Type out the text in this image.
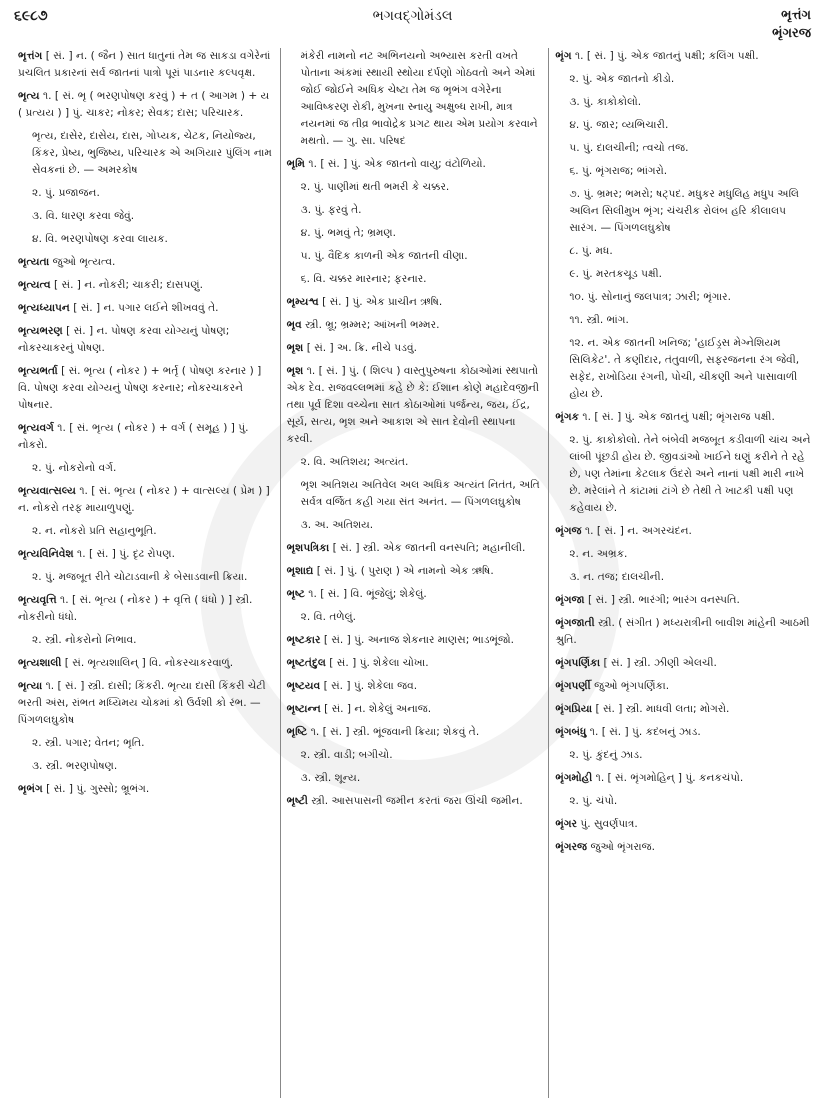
૬૯૮૭	ભગવદ્ગોમંડલ	ભૃત્તંગ
ભૃંગરજ
ભૃત્તંગ [ સં. ] ન. ( જૈન ) સાત ધાતુનાં તેમ જ સાકડા વગેરેનાં પ્રચલિત પ્રકારનાં સર્વ જાતનાં પાત્રો પૂરાં પાડનાર કલ્પવૃક્ષ.
ભૃત્ય ૧. [ સં. ભૃ ( ભરણપોષણ કરવું ) + ત ( આગમ ) + ય ( પ્રત્યય ) ] પું. ચાકર; નોકર; સેવક; દાસ; પરિચારક.
ભૃત્ય, દાસેર, દાસેય, દાસ, ગોપ્યક, ચેટક, નિયોજ્ય, કિંકર, પ્રેષ્ય, ભુજિષ્ય, પરિચારક એ અગિયાર પુંલિંગ નામ સેવકનાં છે. — અમરકોષ
૨. પું. પ્રજાજન.
૩. વિ. ધારણ કરવા જેવું.
૪. વિ. ભરણપોષણ કરવા લાયક.
ભૃત્યતા જુઓ ભૃત્યત્વ.
ભૃત્યત્વ [ સં. ] ન. નોકરી; ચાકરી; દાસપણું.
ભૃત્યધ્યાપન [ સં. ] ન. પગાર લઈને શીખવવું તે.
ભૃત્યભરણ [ સં. ] ન. પોષણ કરવા યોગ્યનું પોષણ; નોકરચાકરનું પોષણ.
ભૃત્યભર્તા [ સં. ભૃત્ય ( નોકર ) + ભર્તૃ ( પોષણ કરનાર ) ] વિ. પોષણ કરવા યોગ્યનું પોષણ કરનાર; નોકરચાકરને પોષનાર.
ભૃત્યવર્ગ ૧. [ સં. ભૃત્ય ( નોકર ) + વર્ગ ( સમૂહ ) ] પું. નોકરો.
૨. પું. નોકરોનો વર્ગ.
ભૃત્યવાત્સલ્ય ૧. [ સં. ભૃત્ય ( નોકર ) + વાત્સલ્ય ( પ્રેમ ) ] ન. નોકરો તરફ માયાળુપણું.
૨. ન. નોકરો પ્રતિ સહાનુભૂતિ.
ભૃત્યવિનિવેશ ૧. [ સં. ] પું. દૃઢ રોપણ.
૨. પું. મજબૂત રીતે ચોટાડવાની કે બેસાડવાની ક્રિયા.
ભૃત્યવૃત્તિ ૧. [ સં. ભૃત્ય ( નોકર ) + વૃત્તિ ( ધંધો ) ] સ્ત્રી. નોકરીનો ધંધો.
૨. સ્ત્રી. નોકરોનો નિભાવ.
ભૃત્યશાલી [ સં. ભૃત્યશાલિન્ ] વિ. નોકરચાકરવાળું.
ભૃત્યા ૧. [ સં. ] સ્ત્રી. દાસી; કિંકરી. ભૃત્યા દાસી કિંકરી ચેટી ભરતી અંસ, રાંભત મધ્યિમય ચોકમાં કો ઉર્વશી કો રંભ. — પિંગળલઘુકોષ
૨. સ્ત્રી. પગાર; વેતન; ભૃતિ.
૩. સ્ત્રી. ભરણપોષણ.
ભૃભંગ [ સં. ] પું. ગુસ્સો; ભ્રૂભંગ.
મંકેરી નામનો નટ અભિનયનો અભ્યાસ કરતી વખતે પોતાના અંકમાં સ્થાયી સ્થોયા દર્પણો ગોઠવતો અને એમાં જોઈ જોઈને અધિક ચેષ્ટા તેમ જ ભૃભંગ વગેરેના આવિષ્કરણ રોકી, મુખના સ્નાયુ અક્ષુબ્ધ રાખી, માત્ર નયનમાં જ તીવ્ર ભાવોદ્રેક પ્રગટ થાય એમ પ્રયોગ કરવાને મથતો. — ગુ. સા. પરિષદ
ભૃમિ ૧. [ સં. ] પું. એક જાતનો વાયુ; વંટોળિયો.
૨. પું. પાણીમાં થતી ભમરી કે ચક્કર.
૩. પું. ફરવું તે.
૪. પું. ભમવું તે; ભ્રમણ.
૫. પું. વૈદિક કાળની એક જાતની વીણા.
૬. વિ. ચક્કર મારનાર; ફરનાર.
ભૃમ્યશ્વ [ સં. ] પું. એક પ્રાચીન ઋષિ.
ભૃવ સ્ત્રી. ભ્રૂ; ભ્રમ્મર; આંખની ભમ્મર.
ભૃશ [ સં. ] અ. ક્રિ. નીચે પડવું.
ભૃશ ૧. [ સં. ] પું. ( શિલ્પ ) વાસ્તુપુરુષના કોઠાઓમાં સ્થપાતો એક દેવ. રાજવલ્લભમાં કહે છે કે: ઈશાન કોણે મહાદેવજીની તથા પૂર્વ દિશા વચ્ચેના સાત કોઠાઓમાં પર્જન્ય, જય, ઈંદ્ર, સૂર્ય, સત્ય, ભૃશ અને આકાશ એ સાત દેવોની સ્થાપના કરવી.
૨. વિ. અતિશય; અત્યંત.
ભૃશ અતિશય અતિવેલ અલ અધિક અત્યંત નિતંત, અતિ સર્વત્ર વર્જિત કહી ગયા સંત અનંત. — પિંગળલઘુકોષ
૩. અ. અતિશય.
ભૃશપત્રિકા [ સં. ] સ્ત્રી. એક જાતની વનસ્પતિ; મહાનીલી.
ભૃશાદ્ય [ સં. ] પું. ( પુરાણ ) એ નામનો એક ઋષિ.
ભૃષ્ટ ૧. [ સં. ] વિ. ભૂંજેલું; શેકેલું.
૨. વિ. તળેલું.
ભૃષ્ટકાર [ સં. ] પું. અનાજ શેકનાર માણસ; ભાડભૂંજો.
ભૃષ્ટતંદુલ [ સં. ] પું. શેકેલા ચોખા.
ભૃષ્ટયવ [ સં. ] પું. શેકેલા જવ.
ભૃષ્ટાન્ન [ સં. ] ન. શેકેલું અનાજ.
ભૃષ્ટિ ૧. [ સં. ] સ્ત્રી. ભૂંજવાની ક્રિયા; શેકવું તે.
૨. સ્ત્રી. વાડી; બગીચો.
૩. સ્ત્રી. શૂન્ય.
ભૃષ્ટી સ્ત્રી. આસપાસની જમીન કરતાં જરા ઊંચી જમીન.
ભૃંગ ૧. [ સં. ] પું. એક જાતનું પક્ષી; કલિંગ પક્ષી.
૨. પું. એક જાતનો કીડો.
૩. પું. કાકોકોલો.
૪. પું. જાર; વ્યભિચારી.
૫. પું. દાલચીની; ત્વચો તજ.
૬. પું. ભૃંગરાજ; ભાંગરો.
૭. પું. ભ્રમર; ભમરો; ષટ્પદ. મધુકર મધુલિહ મધુપ અલિ અલિન સિલીમુખ ભૃંગ; ચંચરીક રોલંબ હરિ કીલાલપ સારંગ. — પિંગળલઘુકોષ
૮. પું. મધ.
૯. પું. મરતકચૂડ પક્ષી.
૧૦. પું. સોનાનું જલપાત્ર; ઝારી; ભૃંગાર.
૧૧. સ્ત્રી. ભાંગ.
૧૨. ન. એક જાતની ખનિજ; 'હાઈડ્રસ મેગ્નેશિયમ સિલિકેટ'. તે કણીદાર, તંતુવાળી, સફરજનના રંગ જેવી, સફેદ, રાખોડિયા રંગની, પોચી, ચીકણી અને પાસાવાળી હોય છે.
ભૃંગક ૧. [ સં. ] પું. એક જાતનું પક્ષી; ભૃંગરાજ પક્ષી.
૨. પું. કાકોકોલો. તેને બંબેવી મજબૂત કડીવાળી ચાંચ અને લાંબી પૂંછડી હોય છે. જીવડાંઓ ખાઈને ઘણું કરીને તે રહે છે, પણ તેમાંના કેટલાક ઉંદરો અને નાનાં પક્ષી મારી નાખે છે. મરેલાંને તે કાંટામાં ટાંગે છે તેથી તે ખાટકી પક્ષી પણ કહેવાય છે.
ભૃંગજ ૧. [ સં. ] ન. અગરચંદન.
૨. ન. અભ્રક.
૩. ન. તજ; દાલચીની.
ભૃંગજા [ સં. ] સ્ત્રી. ભારંગી; ભારંગ વનસ્પતિ.
ભૃંગજાતી સ્ત્રી. ( સંગીત ) મધ્યરાત્રીની બાવીશ માંહેની આઠમી શ્રુતિ.
ભૃંગપર્ણિકા [ સં. ] સ્ત્રી. ઝીણી એલચી.
ભૃંગપર્ણી જુઓ ભૃંગપર્ણિકા.
ભૃંગપ્રિયા [ સં. ] સ્ત્રી. માધવી લતા; મોગરો.
ભૃંગબંધુ ૧. [ સં. ] પું. કદંબનું ઝાડ.
૨. પું. કુંદનું ઝાડ.
ભૃંગમોહી ૧. [ સં. ભૃંગમોહિન્ ] પું. કનકચંપો.
૨. પું. ચંપો.
ભૃંગર પું. સુવર્ણપાત્ર.
ભૃંગરજ જુઓ ભૃંગરાજ.
